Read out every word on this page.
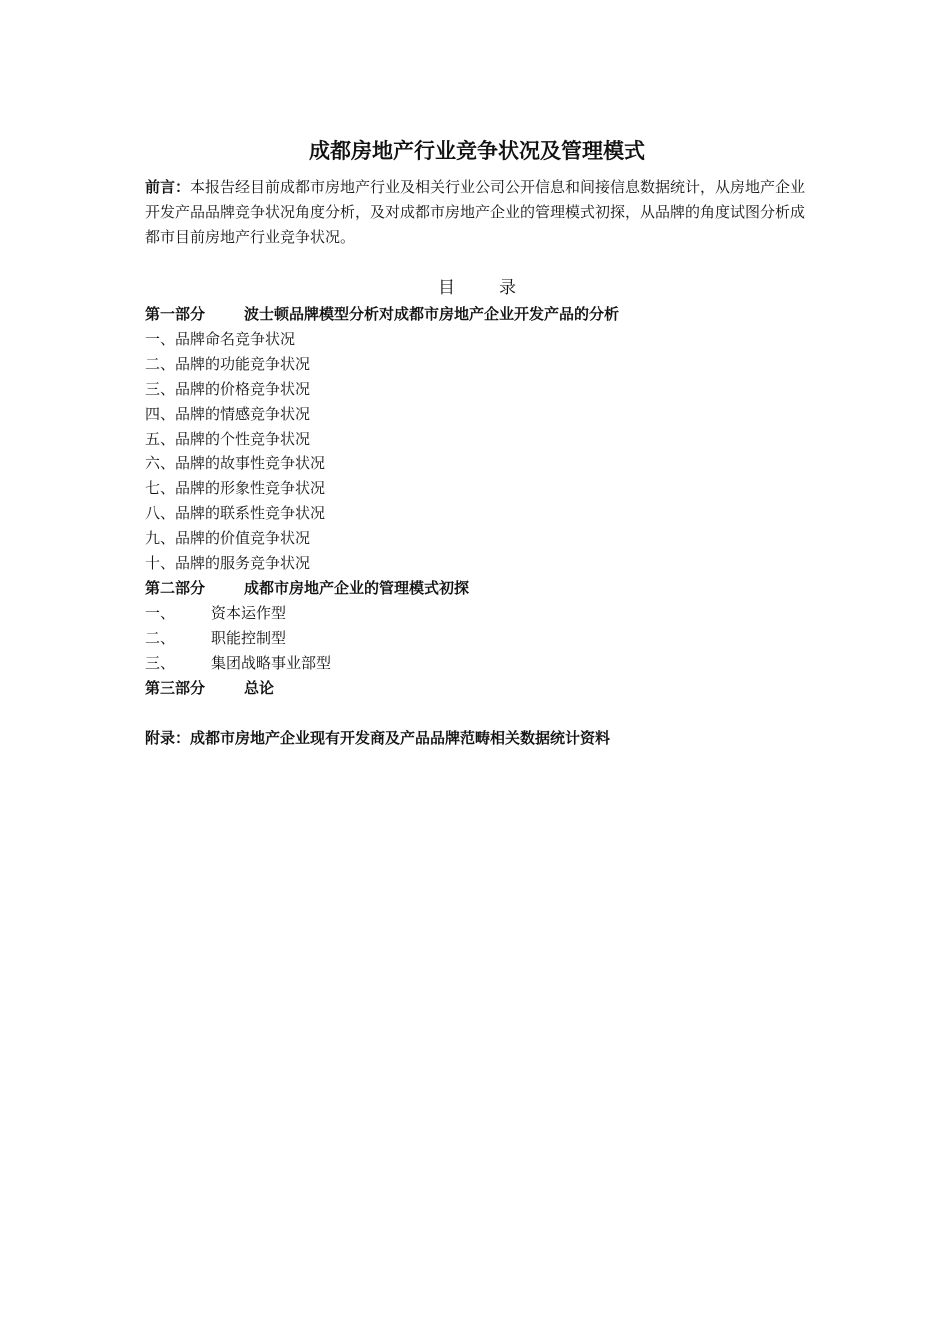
成都房地产行业竞争状况及管理模式

前言：本报告经目前成都市房地产行业及相关行业公司公开信息和间接信息数据统计，从房地产企业开发产品品牌竞争状况角度分析，及对成都市房地产企业的管理模式初探，从品牌的角度试图分析成都市目前房地产行业竞争状况。

目	录
第一部分	波士顿品牌模型分析对成都市房地产企业开发产品的分析
一、品牌命名竞争状况
二、品牌的功能竞争状况
三、品牌的价格竞争状况
四、品牌的情感竞争状况
五、品牌的个性竞争状况
六、品牌的故事性竞争状况
七、品牌的形象性竞争状况
八、品牌的联系性竞争状况
九、品牌的价值竞争状况
十、品牌的服务竞争状况
第二部分	成都市房地产企业的管理模式初探
一、 资本运作型
二、 职能控制型
三、 集团战略事业部型
第三部分	总论

附录：成都市房地产企业现有开发商及产品品牌范畴相关数据统计资料
